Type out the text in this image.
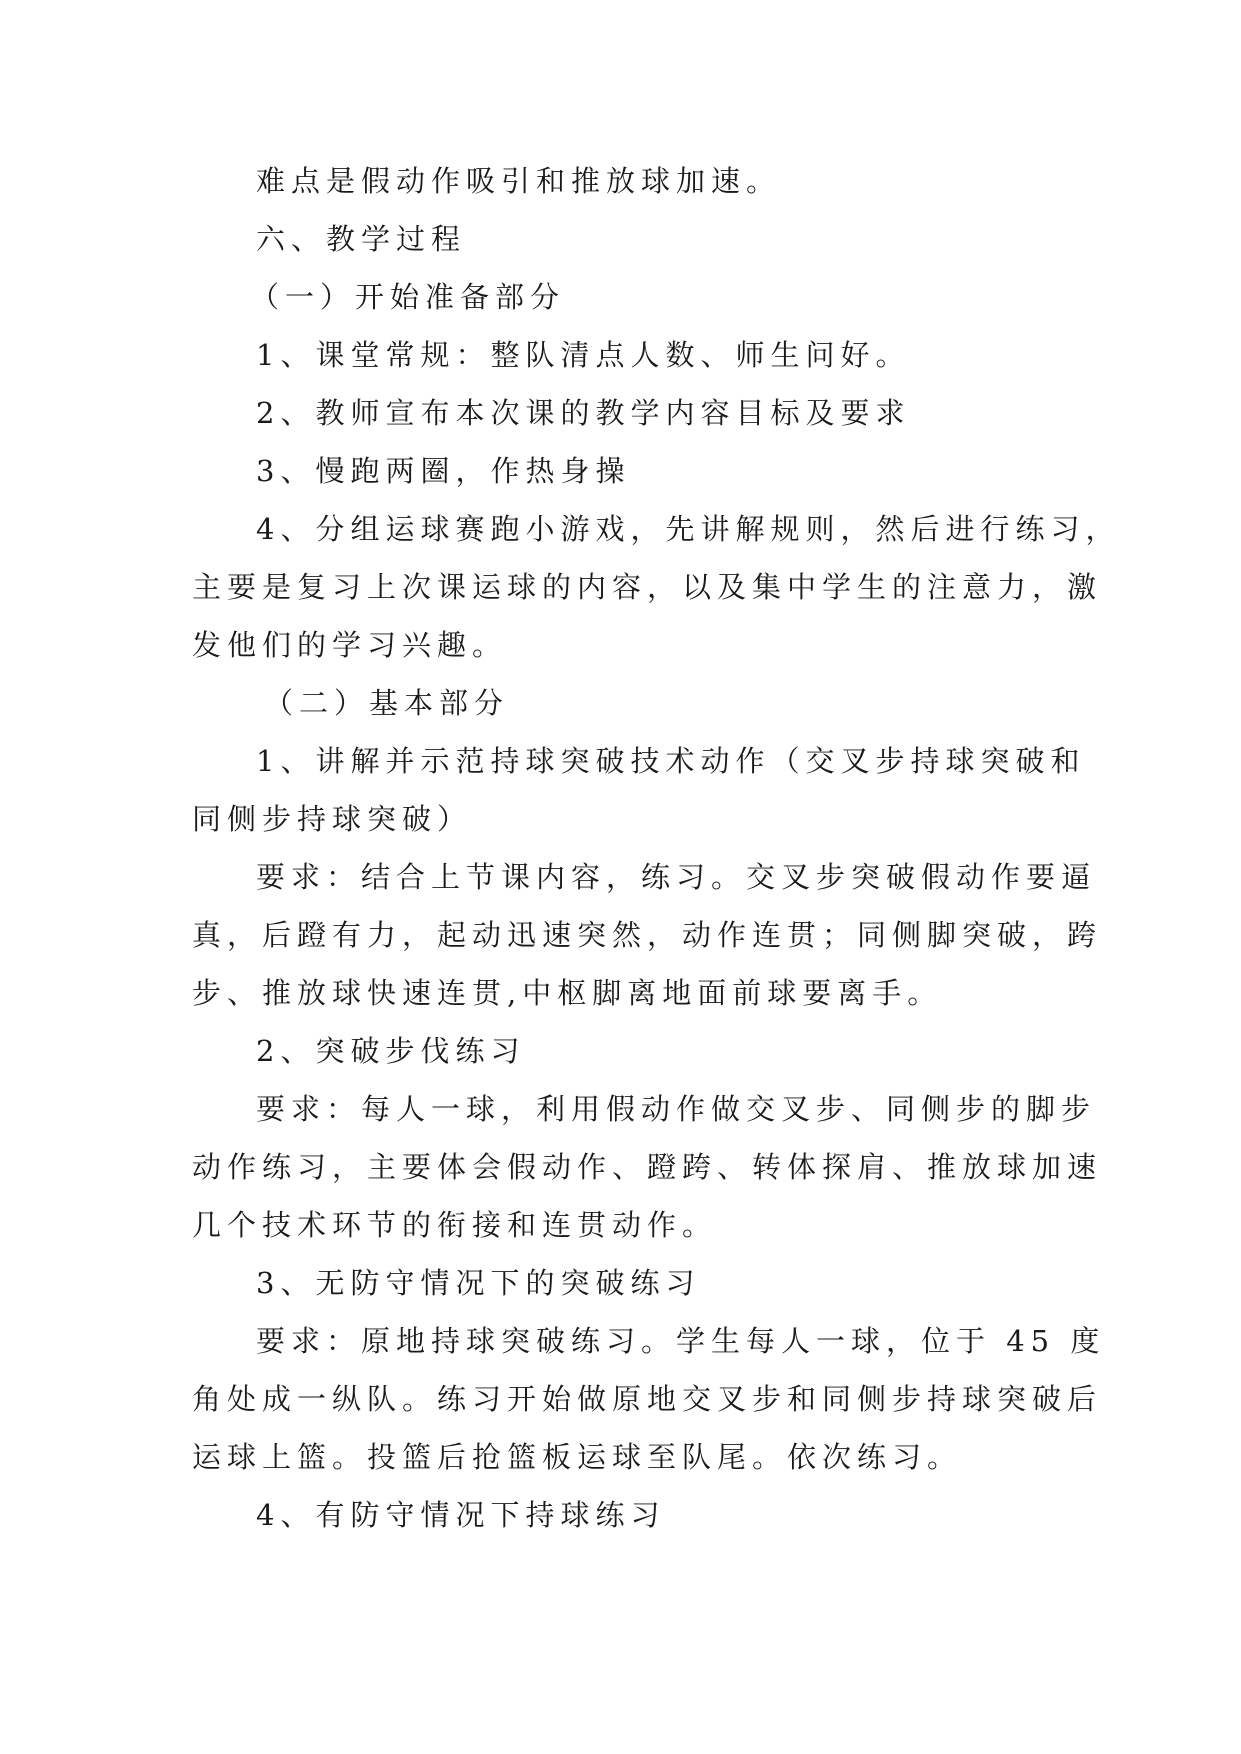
难点是假动作吸引和推放球加速。
六、教学过程
（一）开始准备部分
1、课堂常规：整队清点人数、师生问好。
2、教师宣布本次课的教学内容目标及要求
3、慢跑两圈，作热身操
4、分组运球赛跑小游戏，先讲解规则，然后进行练习，
主要是复习上次课运球的内容，以及集中学生的注意力，激
发他们的学习兴趣。
（二）基本部分
1、讲解并示范持球突破技术动作（交叉步持球突破和
同侧步持球突破）
要求：结合上节课内容，练习。交叉步突破假动作要逼
真，后蹬有力，起动迅速突然，动作连贯；同侧脚突破，跨
步、推放球快速连贯,中枢脚离地面前球要离手。
2、突破步伐练习
要求：每人一球，利用假动作做交叉步、同侧步的脚步
动作练习，主要体会假动作、蹬跨、转体探肩、推放球加速
几个技术环节的衔接和连贯动作。
3、无防守情况下的突破练习
要求：原地持球突破练习。学生每人一球，位于 45 度
角处成一纵队。练习开始做原地交叉步和同侧步持球突破后
运球上篮。投篮后抢篮板运球至队尾。依次练习。
4、有防守情况下持球练习
